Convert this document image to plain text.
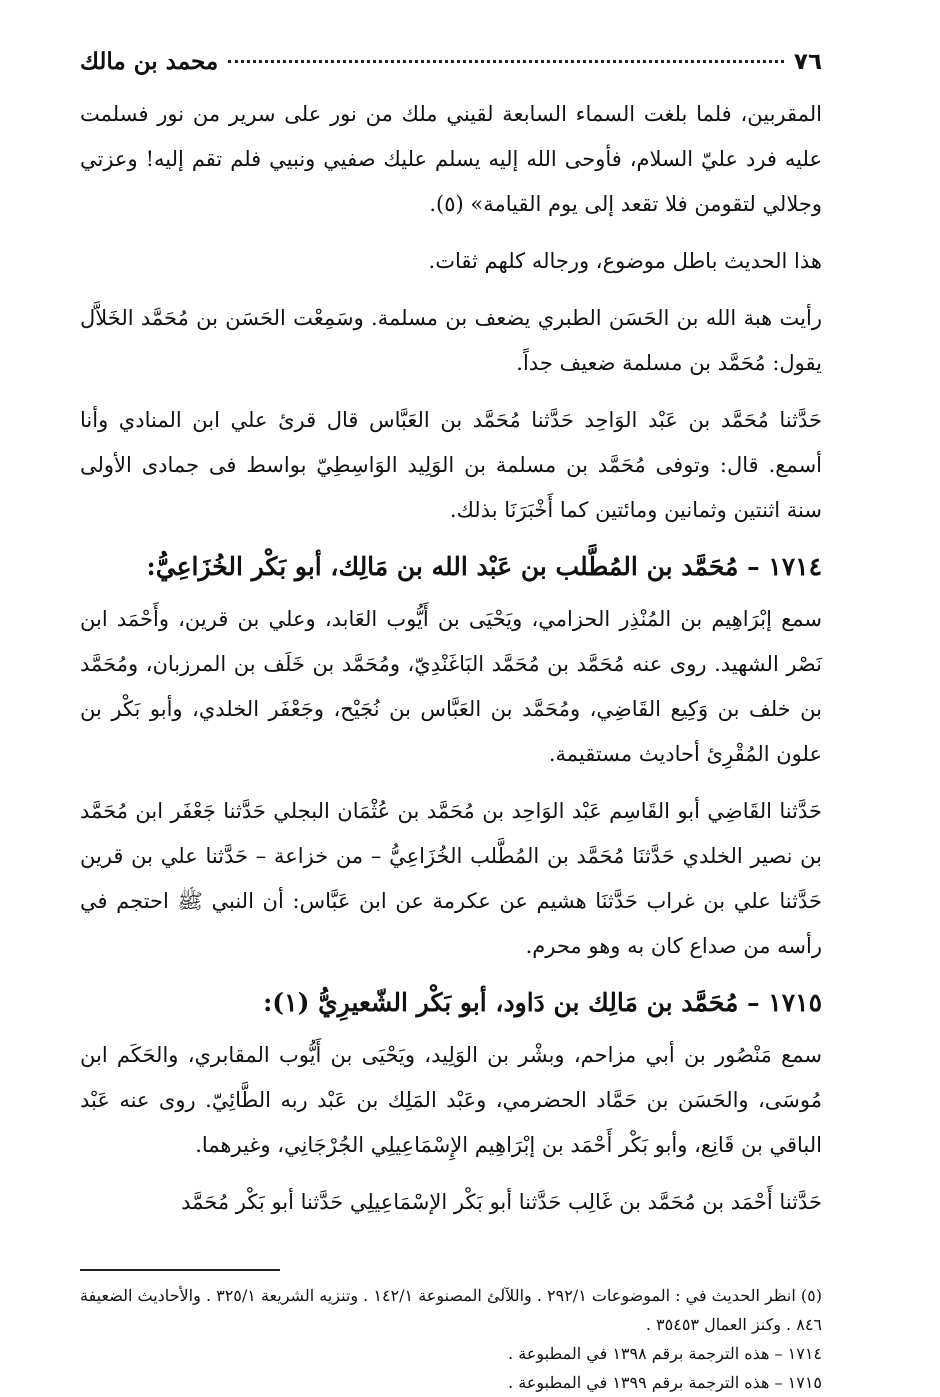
٧٦
محمد بن مالك

المقربين، فلما بلغت السماء السابعة لقيني ملك من نور على سرير من نور فسلمت عليه فرد عليّ السلام، فأوحى الله إليه يسلم عليك صفيي ونبيي فلم تقم إليه! وعزتي وجلالي لتقومن فلا تقعد إلى يوم القيامة» (٥).

هذا الحديث باطل موضوع، ورجاله كلهم ثقات.

رأيت هبة الله بن الحَسَن الطبري يضعف بن مسلمة. وسَمِعْت الحَسَن بن مُحَمَّد الخَلاَّل يقول: مُحَمَّد بن مسلمة ضعيف جداً.

حَدَّثنا مُحَمَّد بن عَبْد الوَاحِد حَدَّثنا مُحَمَّد بن العَبَّاس قال قرئ علي ابن المنادي وأنا أسمع. قال: وتوفى مُحَمَّد بن مسلمة بن الوَلِيد الوَاسِطِيّ بواسط فى جمادى الأولى سنة اثنتين وثمانين ومائتين كما أَخْبَرَنَا بذلك.

١٧١٤ – مُحَمَّد بن المُطَّلب بن عَبْد الله بن مَالِك، أبو بَكْر الخُزَاعِيُّ:

سمع إبْرَاهِيم بن المُنْذِر الحزامي، ويَحْيَى بن أَيُّوب العَابد، وعلي بن قرين، وأَحْمَد ابن نَصْر الشهيد. روى عنه مُحَمَّد بن مُحَمَّد البَاغَنْدِيّ، ومُحَمَّد بن خَلَف بن المرزبان، ومُحَمَّد بن خلف بن وَكِيع القَاضِي، ومُحَمَّد بن العَبَّاس بن نُجَيْح، وجَعْفَر الخلدي، وأبو بَكْر بن علون المُقْرِئ أحاديث مستقيمة.

حَدَّثنا القَاضِي أبو القَاسِم عَبْد الوَاحِد بن مُحَمَّد بن عُثْمَان البجلي حَدَّثنا جَعْفَر ابن مُحَمَّد بن نصير الخلدي حَدَّثنَا مُحَمَّد بن المُطَّلب الخُزَاعِيُّ – من خزاعة – حَدَّثنا علي بن قرين حَدَّثنا علي بن غراب حَدَّثنَا هشيم عن عكرمة عن ابن عَبَّاس: أن النبي ﷺ احتجم في رأسه من صداع كان به وهو محرم.

١٧١٥ – مُحَمَّد بن مَالِك بن دَاود، أبو بَكْر الشّعيرِيُّ (١):

سمع مَنْصُور بن أبي مزاحم، وبشْر بن الوَلِيد، ويَحْيَى بن أَيُّوب المقابري، والحَكَم ابن مُوسَى، والحَسَن بن حَمَّاد الحضرمي، وعَبْد المَلِك بن عَبْد ربه الطَّائِيّ. روى عنه عَبْد الباقي بن قَانِع، وأبو بَكْر أَحْمَد بن إبْرَاهِيم الإِسْمَاعِيلِي الجُرْجَانِي، وغيرهما.

حَدَّثنا أَحْمَد بن مُحَمَّد بن غَالِب حَدَّثنا أبو بَكْر الإسْمَاعِيلِي حَدَّثنا أبو بَكْر مُحَمَّد

(٥) انظر الحديث في : الموضوعات ٢٩٢/١ . واللآلئ المصنوعة ١٤٢/١ . وتنزيه الشريعة ٣٢٥/١ . والأحاديث الضعيفة ٨٤٦ . وكنز العمال ٣٥٤٥٣ .

١٧١٤ – هذه الترجمة برقم ١٣٩٨ في المطبوعة .

١٧١٥ – هذه الترجمة برقم ١٣٩٩ في المطبوعة .
